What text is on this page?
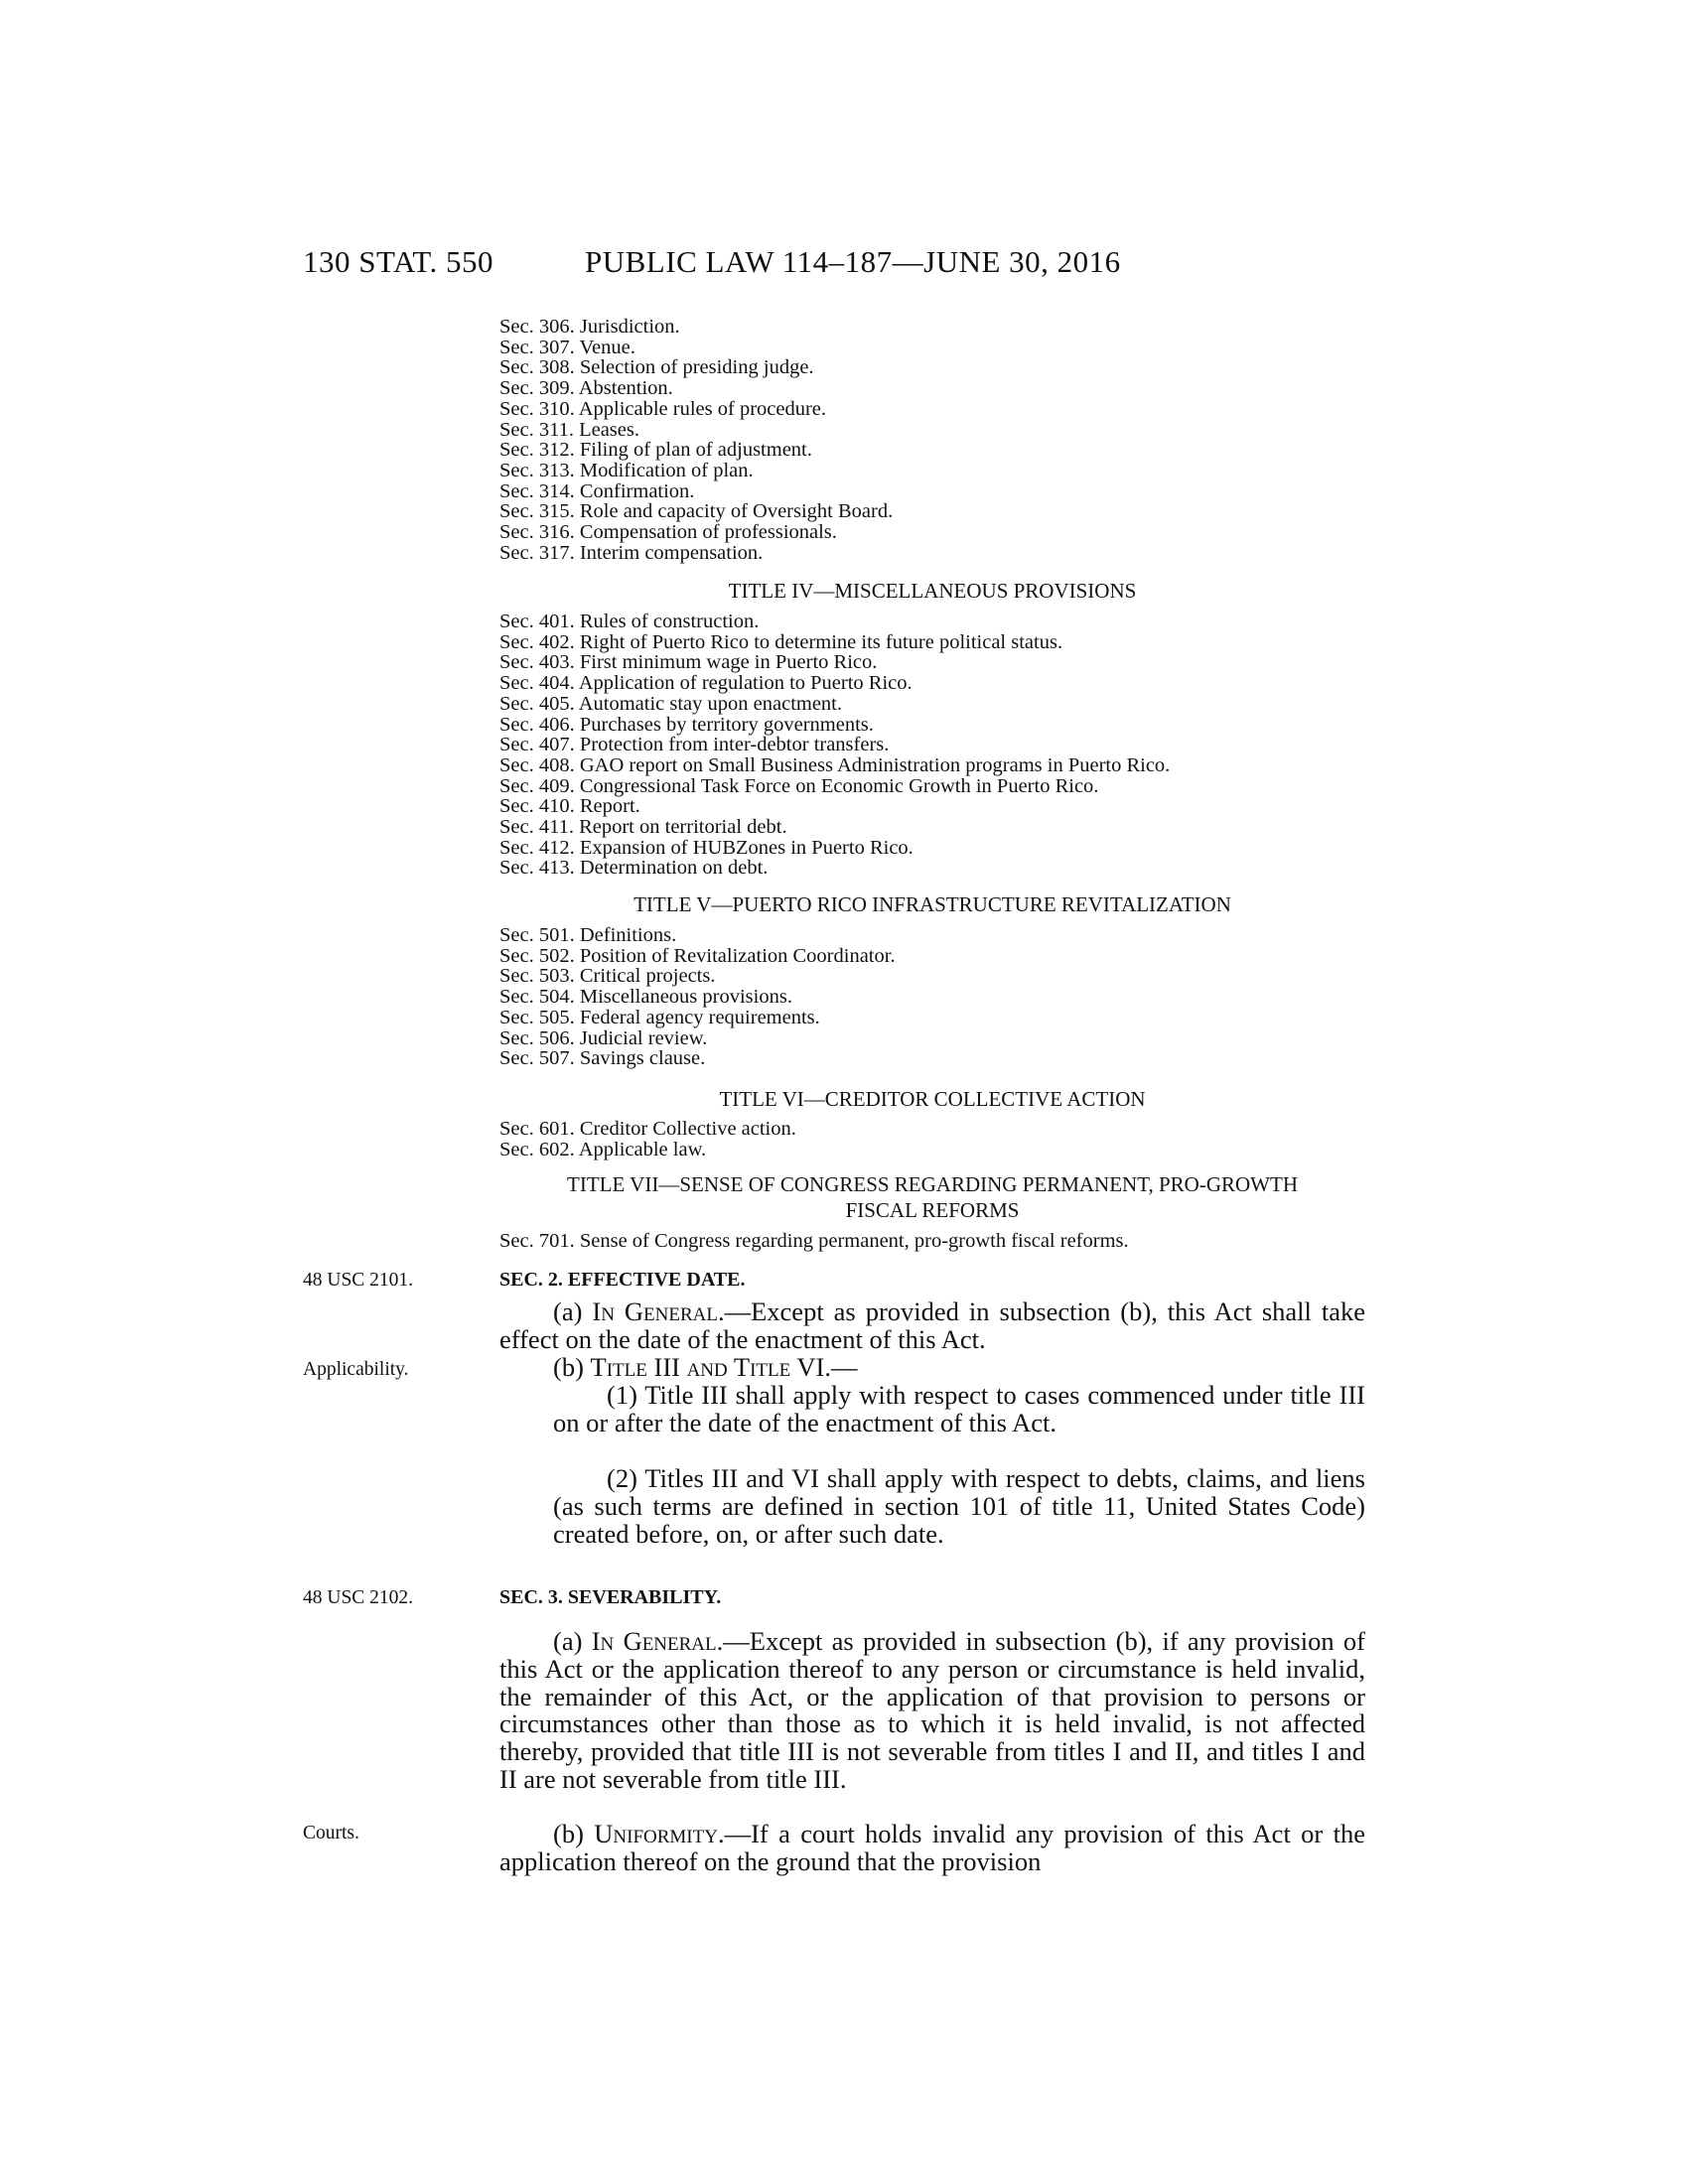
130 STAT. 550	PUBLIC LAW 114–187—JUNE 30, 2016
Sec. 306. Jurisdiction.
Sec. 307. Venue.
Sec. 308. Selection of presiding judge.
Sec. 309. Abstention.
Sec. 310. Applicable rules of procedure.
Sec. 311. Leases.
Sec. 312. Filing of plan of adjustment.
Sec. 313. Modification of plan.
Sec. 314. Confirmation.
Sec. 315. Role and capacity of Oversight Board.
Sec. 316. Compensation of professionals.
Sec. 317. Interim compensation.
TITLE IV—MISCELLANEOUS PROVISIONS
Sec. 401. Rules of construction.
Sec. 402. Right of Puerto Rico to determine its future political status.
Sec. 403. First minimum wage in Puerto Rico.
Sec. 404. Application of regulation to Puerto Rico.
Sec. 405. Automatic stay upon enactment.
Sec. 406. Purchases by territory governments.
Sec. 407. Protection from inter-debtor transfers.
Sec. 408. GAO report on Small Business Administration programs in Puerto Rico.
Sec. 409. Congressional Task Force on Economic Growth in Puerto Rico.
Sec. 410. Report.
Sec. 411. Report on territorial debt.
Sec. 412. Expansion of HUBZones in Puerto Rico.
Sec. 413. Determination on debt.
TITLE V—PUERTO RICO INFRASTRUCTURE REVITALIZATION
Sec. 501. Definitions.
Sec. 502. Position of Revitalization Coordinator.
Sec. 503. Critical projects.
Sec. 504. Miscellaneous provisions.
Sec. 505. Federal agency requirements.
Sec. 506. Judicial review.
Sec. 507. Savings clause.
TITLE VI—CREDITOR COLLECTIVE ACTION
Sec. 601. Creditor Collective action.
Sec. 602. Applicable law.
TITLE VII—SENSE OF CONGRESS REGARDING PERMANENT, PRO-GROWTH
FISCAL REFORMS
Sec. 701. Sense of Congress regarding permanent, pro-growth fiscal reforms.
48 USC 2101.
Applicability.
48 USC 2102.
Courts.
SEC. 2. EFFECTIVE DATE.
(a) In General.—Except as provided in subsection (b), this Act shall take effect on the date of the enactment of this Act.
(b) Title III and Title VI.—
(1) Title III shall apply with respect to cases commenced under title III on or after the date of the enactment of this Act.
(2) Titles III and VI shall apply with respect to debts, claims, and liens (as such terms are defined in section 101 of title 11, United States Code) created before, on, or after such date.
SEC. 3. SEVERABILITY.
(a) In General.—Except as provided in subsection (b), if any provision of this Act or the application thereof to any person or circumstance is held invalid, the remainder of this Act, or the application of that provision to persons or circumstances other than those as to which it is held invalid, is not affected thereby, provided that title III is not severable from titles I and II, and titles I and II are not severable from title III.
(b) Uniformity.—If a court holds invalid any provision of this Act or the application thereof on the ground that the provision
